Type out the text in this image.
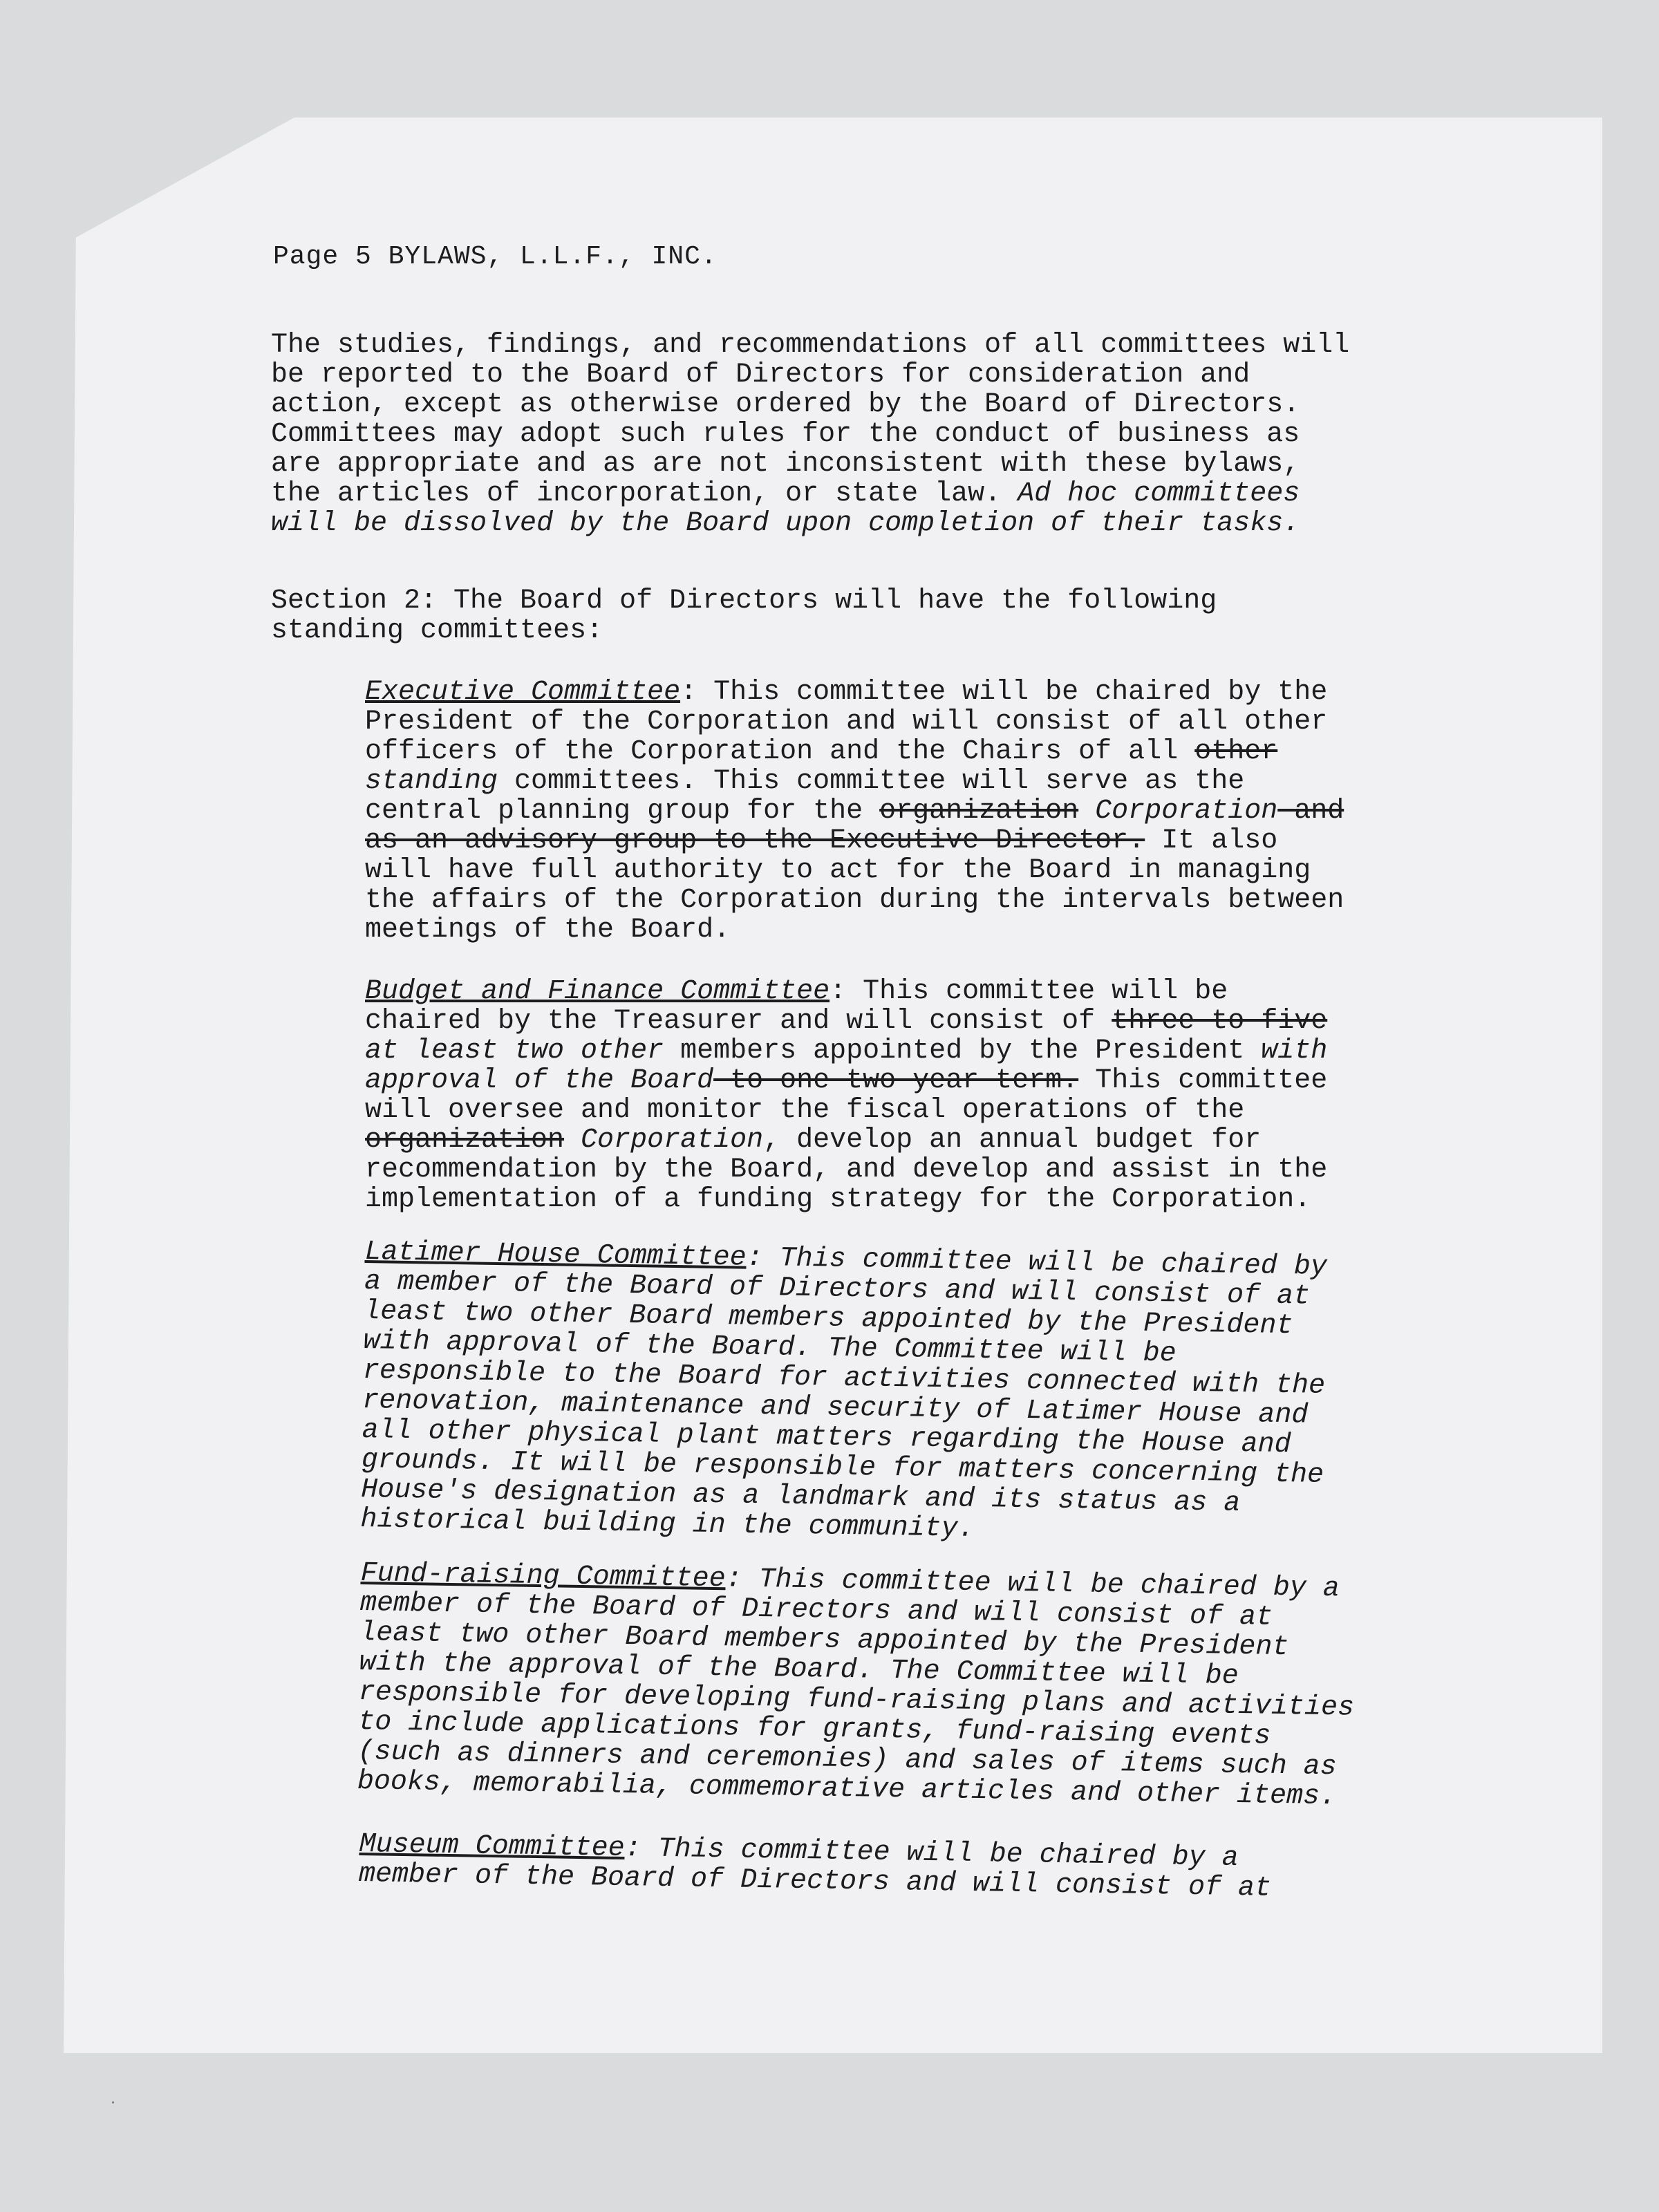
Page 5 BYLAWS, L.L.F., INC.

The studies, findings, and recommendations of all committees will
be reported to the Board of Directors for consideration and
action, except as otherwise ordered by the Board of Directors.
Committees may adopt such rules for the conduct of business as
are appropriate and as are not inconsistent with these bylaws,
the articles of incorporation, or state law. Ad hoc committees
will be dissolved by the Board upon completion of their tasks.

Section 2: The Board of Directors will have the following
standing committees:

Executive Committee: This committee will be chaired by the
President of the Corporation and will consist of all other
officers of the Corporation and the Chairs of all other
standing committees. This committee will serve as the
central planning group for the organization Corporation and
as an advisory group to the Executive Director. It also
will have full authority to act for the Board in managing
the affairs of the Corporation during the intervals between
meetings of the Board.

Budget and Finance Committee: This committee will be
chaired by the Treasurer and will consist of three to five
at least two other members appointed by the President with
approval of the Board to one two-year term. This committee
will oversee and monitor the fiscal operations of the
organization Corporation, develop an annual budget for
recommendation by the Board, and develop and assist in the
implementation of a funding strategy for the Corporation.

Latimer House Committee: This committee will be chaired by
a member of the Board of Directors and will consist of at
least two other Board members appointed by the President
with approval of the Board. The Committee will be
responsible to the Board for activities connected with the
renovation, maintenance and security of Latimer House and
all other physical plant matters regarding the House and
grounds. It will be responsible for matters concerning the
House's designation as a landmark and its status as a
historical building in the community.

Fund-raising Committee: This committee will be chaired by a
member of the Board of Directors and will consist of at
least two other Board members appointed by the President
with the approval of the Board. The Committee will be
responsible for developing fund-raising plans and activities
to include applications for grants, fund-raising events
(such as dinners and ceremonies) and sales of items such as
books, memorabilia, commemorative articles and other items.

Museum Committee: This committee will be chaired by a
member of the Board of Directors and will consist of at
